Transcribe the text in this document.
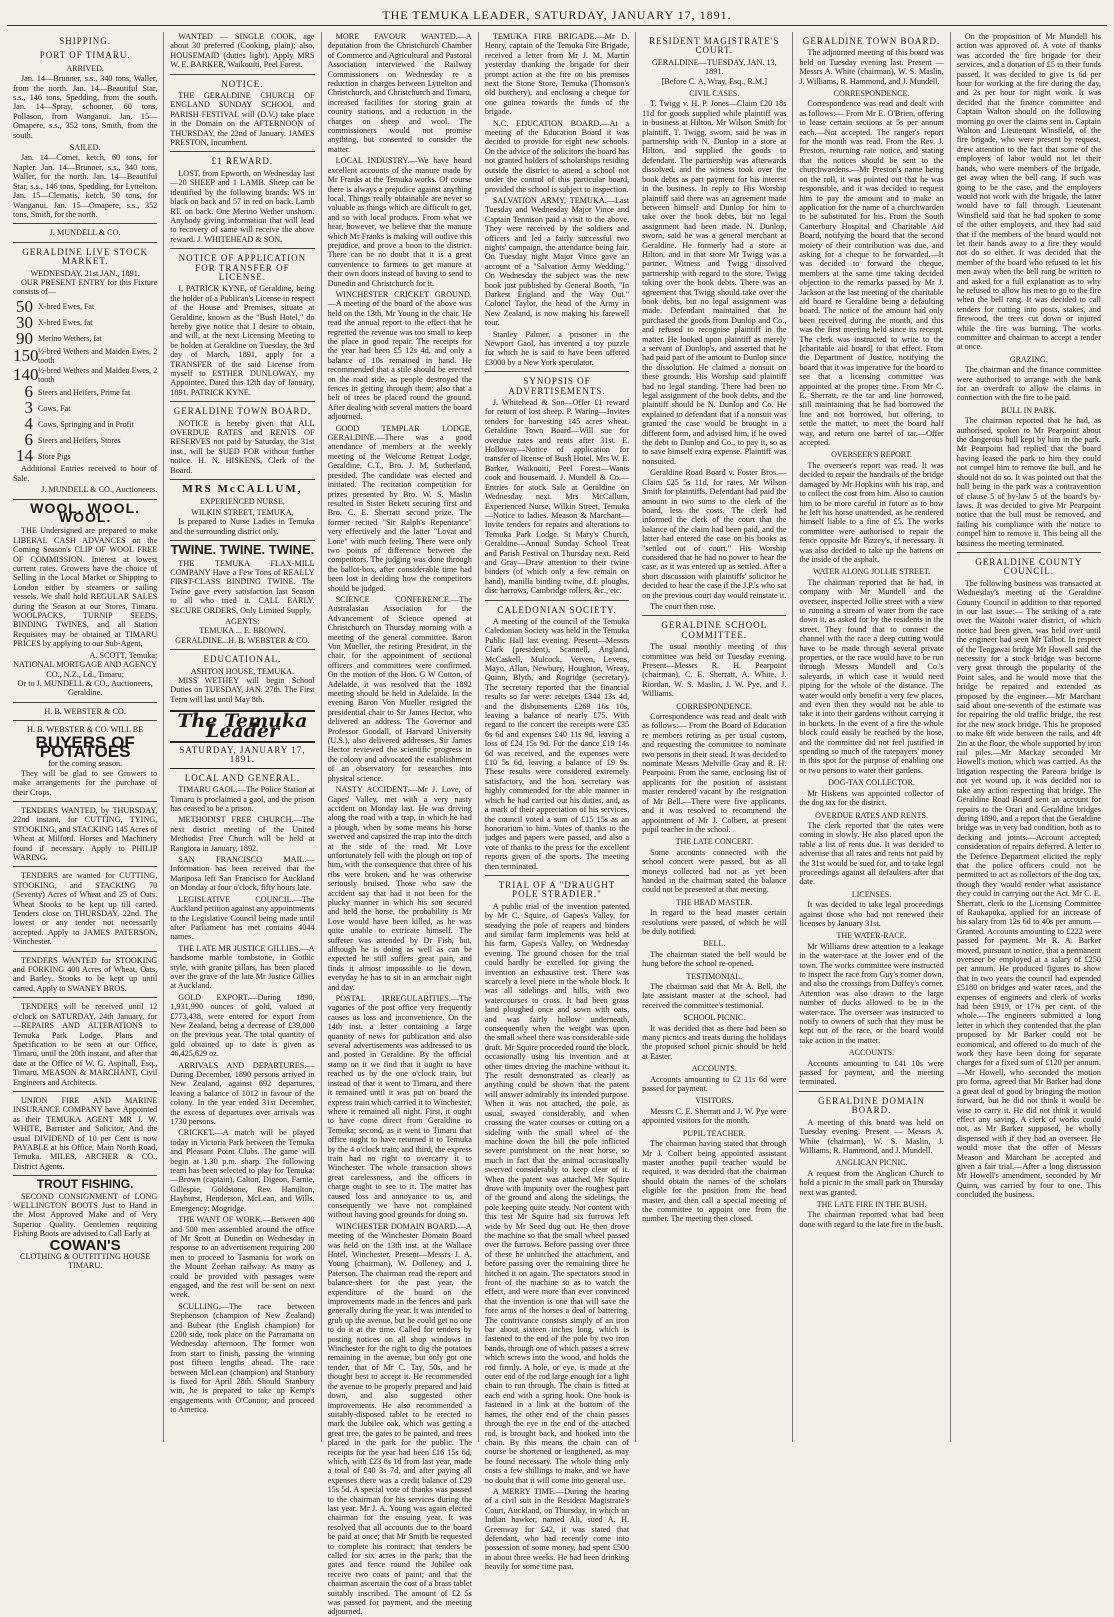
THE TEMUKA LEADER, SATURDAY, JANUARY 17, 1891.
SHIPPING.
PORT OF TIMARU.
ARRIVED.

Jan. 14—Brunner, s.s., 340 tons, Waller, from the north. Jan. 14—Beautiful Star, s.s., 146 tons, Spedding, from the south. Jan. 14—Spray, schooner, 60 tons, Pollason, from Wanganui. Jan. 15—Omapere, s.s., 352 tons, Smith, from the south.

SAILED.

Jan. 14—Comet, ketch, 60 tons, for Napier. Jan. 14—Brunner, s.s., 340 tons, Waller, for the north. Jan. 14—Beautiful Star, s.s., 146 tons, Spedding, for Lyttelton. Jan. 15—Clematis, ketch, 50 tons, for Wanganui. Jan. 15—Omapere, s.s., 352 tons, Smith, for the north.

J. MUNDELL & CO.
GERALDINE LIVE STOCK MARKET.
WEDNESDAY, 21st JAN., 1891.

OUR PRESENT ENTRY for this Fixture consists of—

50 X-bred Ewes, Fat
30 X-bred Ewes, fat
90 Merino Wethers, fat
150 ½-bred Wethers and Maiden Ewes, 2 tooth
140 ½-bred Wethers and Maiden Ewes, 2 tooth
6 Steers and Heifers, Prime fat
3 Cows, Fat
4 Cows, Springing and in Profit
6 Steers and Heifers, Stores
14 Store Pigs

Additional Entries received to hour of Sale.

J. MUNDELL & CO., Auctioneers.
WOOL. WOOL. WOOL.

THE Undersigned are prepared to make LIBERAL CASH ADVANCES on the Coming Season's CLIP OF WOOL FREE OF COMMISSION. Interest at lowest current rates. Growers have the choice of Selling in the Local Market or Shipping to London either by steamers or sailing vessels. We shall hold REGULAR SALES during the Season at our Stores, Timaru. WOOLPACKS, TURNIP SEEDS, BINDING TWINES, and all Station Requisites may be obtained at TIMARU PRICES by applying to our Sub-Agent,

A. SCOTT, Temuka;
NATIONAL MORTGAGE AND AGENCY CO., N.Z., Ld., Timaru;
Or to J. MUNDELL & CO., Auctioneers, Geraldine.
H. B. WEBSTER & CO.
H. B. WEBSTER & CO. WILL BE
BUYERS OF POTATOES
for the coming season.

They will be glad to see Growers to make arrangements for the purchase of their Crops.

TENDERS WANTED, by THURSDAY, 22nd instant, for CUTTING, TYING, STOOKING, and STACKING 145 Acres of Wheat at Milford. Horses and Machinery found if necessary. Apply to PHILIP WARING.

TENDERS are wanted for CUTTING, STOOKING, and STACKING 70 (Seventy) Acres of Wheat and 25 of Oats. Wheat Stooks to be kept up till carted. Tenders close on THURSDAY, 22nd. The lowest or any tender not necessarily accepted. Apply to JAMES PATERSON, Winchester.

TENDERS WANTED for STOOKING and FORKING 400 Acres of Wheat, Oats, and Barley. Stooks to be kept up until carted. Apply to SWANEY BROS.

TENDERS will be received until 12 o'clock on SATURDAY, 24th January, for—REPAIRS AND ALTERATIONS to Temuka Park Lodge. Plans and Specification to be seen at our Office, Timaru, until the 20th instant, and after that date at the Office of W. G. Aspinall, Esq., Timaru. MEASON & MARCHANT, Civil Engineers and Architects.

UNION FIRE AND MARINE INSURANCE COMPANY have Appointed as their TEMUKA AGENT MR J. W. WHITE, Barrister and Solicitor, And the usual DIVIDEND of 10 per Cent is now PAYABLE at his Office, Main North Road, Temuka. MILES, ARCHER & CO., District Agents.

TROUT FISHING.

SECOND CONSIGNMENT of LONG WELLINGTON BOOTS Just to Hand in the Most Approved Make and of Very Superior Quality. Gentlemen requiring Fishing Boots are advised to Call Early at

COWAN'S
CLOTHING & OUTFITTING HOUSE TIMARU.

WANTED — SINGLE COOK, age about 30 preferred (Cooking, plain); also, HOUSEMAID (duties light). Apply MRS W. E. BARKER, Waikouiti, Peel Forest.

NOTICE.

THE GERALDINE CHURCH OF ENGLAND SUNDAY SCHOOL and PARISH FESTIVAL will (D.V.) take place in the Domain on the AFTERNOON of THURSDAY, the 22nd of January. JAMES PRESTON, Incumbent.

£1 REWARD.

LOST, from Epworth, on Wednesday last—20 SHEEP and 1 LAMB. Sheep can be identified by the following brands: WS in black on back and 57 in red on back. Lamb RT. on back. One Merino Wether unshorn. Anybody giving information that will lead to recovery of same will receive the above reward. J. WHITEHEAD & SON.

NOTICE OF APPLICATION FOR TRANSFER OF LICENSE.

I, PATRICK KYNE, of Geraldine, being the holder of a Publican's License in respect of the House and Premises, situate at Geraldine, known as the "Bush Hotel," do hereby give notice that I desire to obtain, and will, at the next Licensing Meeting to be holden at Geraldine on Tuesday, the 3rd day of March, 1891, apply for a TRANSFER of the said License from myself to ESTHER DUNLOWAY, my Appointee. Dated this 12th day of January, 1891. PATRICK KYNE.

GERALDINE TOWN BOARD.

NOTICE is hereby given that ALL OVERDUE RATES and RENTS OF RESERVES not paid by Saturday, the 31st inst., will be SUED FOR without further notice. H. N. HISKENS, Clerk of the Board.

MRS McCALLUM,
EXPERIENCED NURSE,
WILKIN STREET, TEMUKA,

Is prepared to Nurse Ladies in Temuka and the surrounding district only.

TWINE. TWINE. TWINE.

THE TEMUKA FLAX-MILL COMPANY Have a Few Tons of REALLY FIRST-CLASS BINDING TWINE. The Twine gave every satisfaction last Season to all who tried it. CALL EARLY. SECURE ORDERS, Only Limited Supply.

AGENTS:
TEMUKA ... E. BROWN. GERALDINE...H. B. WEBSTER & CO.
EDUCATIONAL.
ASHTON HOUSE, TEMUKA.

MISS WETHEY will begin School Duties on TUESDAY, JAN. 27th. The First Term will last until May 8th.

The Temuka Leader
SATURDAY, JANUARY 17, 1891.
LOCAL AND GENERAL.

TIMARU GAOL.—The Police Station at Timaru is proclaimed a gaol, and the prison has ceased to be a prison.

METHODIST FREE CHURCH.—The next district meeting of the United Methodist Free Church will be held at Rangiora in January, 1892.

SAN FRANCISCO MAIL.—Information has been received that the Mariposa left San Francisco for Auckland on Monday at four o'clock, fifty hours late.

LEGISLATIVE COUNCIL.—The Auckland petition against any appointments to the Legislative Council being made until after Parliament has met contains 4044 names.

THE LATE MR JUSTICE GILLIES.—A handsome marble tombstone, in Gothic style, with granite pillars, has been placed over the grave of the late Mr Justice Gillies at Auckland.

GOLD EXPORT.—During 1890, 1,931,990 ounces of gold, valued at £773,438, were entered for export from New Zealand, being a decrease of £39,000 on the previous year. The total quantity of gold obtained up to date is given as 46,425,629 oz.

ARRIVALS AND DEPARTURES.—During December, 1890 persons arrived in New Zealand, against 692 departures, leaving a balance of 1012 in favour of the colony. In the year ended 31st December, the excess of departures over arrivals was 1730 persons.

CRICKET.—A match will be played today in Victoria Park between the Temuka and Pleasant Point Clubs. The game will begin at 1.30 p.m. sharp. The following team has been selected to play for Temuka:—Brown (captain), Calton, Digeon, Farnie, Gillespie, Goldstone, Rev. Hamilton, Hayhurst, Henderson, McLean, and Wills. Emergency: Mogridge.

THE WANT OF WORK.—Between 400 and 500 men assembled around the office of Mr Scott at Dunedin on Wednesday in response to an advertisement requiring 200 men to proceed to Tasmania for work on the Mount Zeehan railway. As many as could be provided with passages were engaged, and the rest will be sent on next week.

SCULLING.—The race between Stephenson (champion of New Zealand) and Bubear (the English champion) for £200 side, took place on the Parramatta on Wednesday afternoon. The former won from start to finish, passing the winning post fifteen lengths ahead. The race between McLean (champion) and Stanbury is fixed for April 28th. Should Stanbury win, he is prepared to take up Kemp's engagements with O'Connor, and proceed to America.

MORE FAVOUR WANTED.—A deputation from the Christchurch Chamber of Commerce and Agricultural and Pastoral Association interviewed the Railway Commissioners on Wednesday re a reduction in charges between Lyttelton and Christchurch, and Christchurch and Timaru, increased facilities for storing grain at country stations, and a reduction in the charges on sheep and wool. The commissioners would not promise anything, but consented to consider the matter.

LOCAL INDUSTRY.—We have heard excellent accounts of the manure made by Mr Franks at the Temuka works. Of course there is always a prejudice against anything local. Things really obtainable are never so valuable as things which are difficult to get, and so with local products. From what we hear, however, we believe that the manure which Mr Franks is making will outlive this prejudice, and prove a boon to the district. There can be no doubt that it is a great convenience to farmers to get manure at their own doors instead of having to send to Dunedin and Christchurch for it.

WINCHESTER CRICKET GROUND.—A meeting of the board of the above was held on the 13th, Mr Young in the chair. He read the annual report to the effect that he regretted the revenue was too small to keep the place in good repair. The receipts for the year had been £5 12s 4d, and only a balance of 10s remained in hand. He recommended that a stile should be erected on the road side, as people destroyed the fences in getting through them; also that a belt of trees be placed round the ground. After dealing with several matters the board adjourned.

GOOD TEMPLAR LODGE, GERALDINE.—There was a good attendance of members at the weekly meeting of the Welcome Retreat Lodge, Geraldine, C.T., Bro. J. M. Sutherland, presided. The candidate was elected and initiated. The recitation competition for prizes presented by Bro. W. S. Maslin resulted in Sister Bekett securing first and Bro. C. E. Sherratt second prize. The former recited "Sir Ralph's Repentance" very effectively and the latter "Lovat and Lone" with much feeling. There were only two points of difference between the competitors. The judging was done through the ballot-box, after considerable time had been lost in deciding how the competitors should be judged.

SCIENCE CONFERENCE.—The Australasian Association for the Advancement of Science opened at Christchurch on Thursday morning with a meeting of the general committee. Baron Von Mueller, the retiring President, in the chair, for the appointment of sectional officers and committees were confirmed. On the motion of the Hon. G W Cotton, of Adelaide, it was resolved that the 1892 meeting should be held in Adelaide. In the evening Baron Von Mueller resigned the presidential chair to Sir James Hector, who delivered an address. The Governor and Professor Goodall, of Harvard University (U.S.), also delivered addresses. Sir James Hector reviewed the scientific progress in the colony and advocated the establishment of an observatory for researches into physical science.

NASTY ACCIDENT.—Mr J. Love, of Gapes' Valley, met with a very nasty accident on Monday last. He was driving along the road with a trap, in which he had a plough, when by some means his horse swerved and capsized the trap into the ditch at the side of the road. Mr Love unfortunately fell with the plough on top of him, with the consequence that three of his ribs were broken, and he was otherwise seriously bruised. Those who saw the accident say that had it not been for the plucky manner in which his son secured and held the horse, the probability is Mr Love would have been killed, as he was quite unable to extricate himself. The sufferer was attended by Dr Fish, but, although he is doing as well as can be expected he still suffers great pain, and finds it almost impossible to lie down, everyday he has to sit in an armchair night and day.

POSTAL IRREGULARITIES.—The vagaries of the post office very frequently causes us loss and inconvenience. On the 14th inst. a letter containing a large quantity of news for publication and also several advertisements was addressed to us and posted in Geraldine. By the official stamp on it we find that it ought to have reached us by the one o'clock train, but instead of that it went to Timaru, and there it remained until it was put on board the express train which carried it to Winchester, where it remained all night. First, it ought to have come direct from Geraldine to Temuka; second, as it went to Timaru that office ought to have returned it to Temuka by the 4 o'clock train; and third, the express train had no right to overcarry it to Winchester. The whole transaction shows great carelessness, and the officers in charge ought to see to it. The matter has caused loss and annoyance to us, and consequently we have not complained without having good grounds for doing so.

WINCHESTER DOMAIN BOARD.—A meeting of the Winchester Domain Board was held on the 13th inst. at the Wallace Hotel, Winchester. Present—Messrs J. A. Young (chairman), W. Dolleney, and J. Paterson. The chairman read the report and balance-sheet for the past year, the expenditure of the board on the improvements made in the fences and park generally during the year. It was intended to grub up the avenue, but he could get no one to do it at the time. Called for tenders by posting notices on all shop windows in Winchester for the right to dig the potatoes remaining in the avenue, but only got one tender, that of Mr C. Tay, 50s, and he thought best to accept it. He recommended the avenue to be properly prepared and laid down, and also suggested other improvements. He also recommended a suitably-disposed tablet to be erected to mark the Jubilee oak, which was getting a great tree, the gates to be painted, and trees placed in the park for the public. The receipts for the year had been £16 15s 6d, which, with £23 8s 1d from last year, made a total of £40 3s 7d, and after paying all expenses there was a credit balance of £29 15s 5d. A special vote of thanks was passed to the chairman for his services during the last year. Mr J. A. Young was again elected chairman for the ensuing year. It was resolved that all accounts due to the board be paid at once; that Mr Smith be requested to complete his contract; that tenders be called for six acres in the park; that the gates and fence round the Jubilee oak receive two coats of paint; and that the chairman ascertain the cost of a brass tablet suitably inscribed. The amount of £2 5s was passed for payment, and the meeting adjourned.

TEMUKA FIRE BRIGADE.—Mr D. Henry, captain of the Temuka Fire Brigade, received a letter from Mr J. M. Martin yesterday thanking the brigade for their prompt action at the fire on his premises next the Stone Store, Temuka (Thomson's old butchery), and enclosing a cheque for one guinea towards the funds of the brigade.

N.C. EDUCATION BOARD.—At a meeting of the Education Board it was decided to provide for eight new schools. On the advice of the solicitors the board has not granted holders of scholarships residing outside the district to attend a school not under the control of this particular board, provided the school is subject to inspection.

SALVATION ARMY, TEMUKA.—Last Tuesday and Wednesday Major Vince and Captain Tennison paid a visit to the above. They were received by the soldiers and officers and led a fairly successful two nights' campaign, the attendance being fair. On Tuesday night Major Vince gave an account of a "Salvation Army Wedding." On Wednesday the subject was the new book just published by General Booth, "In Darkest England and the Way Out." Colonel Taylor, the head of the Army in New Zealand, is now making his farewell tour.

Stanley Palmer, a prisoner in the Newport Gaol, has invented a toy puzzle for which he is said to have been offered £3000 by a New York speculator.

SYNOPSIS OF ADVERTISEMENTS.

J. Whitehead & Son—Offer £1 reward for return of lost sheep. P. Waring—Invites tenders for harvesting 145 acres wheat. Geraldine Town Board—Will sue for overdue rates and rents after 31st. E. Holloway—Notice of application for transfer of license of Bush Hotel. Mrs W. E. Barker, Waikouiti, Peel Forest—Wants cook and housemaid. J. Mundell & Co.—Entries for stock Sale at Geraldine on Wednesday next. Mrs McCallum, Experienced Nurse, Wilkin Street, Temuka—Notice to ladies. Meason & Marchant—Invite tenders for repairs and alterations to Temuka Park Lodge. St Mary's Church, Geraldine—Annual Sunday School Treat and Parish Festival on Thursday next. Reid and Gray—Draw attention to their twine binders (of which only a few remain on hand), manilla binding twine, d.f. ploughs, disc harrows, Cambridge rollers, &c., etc.

CALEDONIAN SOCIETY.

A meeting of the council of the Temuka Caledonian Society was held in the Temuka Public Hall last evening. Present—Messrs Clark (president), Scannell, Angland, McCaskell, Mulcock, Veiven, Levens, Mayo, Allan, Newbury, Houghton, Wreay, Quinn, Blyth, and Rogridge (secretary). The secretary reported that the financial results so far were: receipts £344 13s 4d, and the disbursements £269 16s 10s, leaving a balance of nearly £75. With regard to the concert the receipts were £35 6s 6d and expenses £40 11s 9d, leaving a loss of £24 15s 9d. For the dance £19 14s 6d was received, and the expenses were £10 5s 6d, leaving a balance of £9 9s. These results were considered extremely satisfactory, and the hon. secretary was highly commended for the able manner in which he had carried out his duties, and, as a mark of their appreciation of his services, the council voted a sum of £15 15s as an honorarium to him. Votes of thanks to the judges and papers were passed, and also a vote of thanks to the press for the excellent reports given of the sports. The meeting then terminated.

TRIAL OF A "DRAUGHT POLE STRADIER."

A public trial of the invention patented by Mr C. Squire, of Gapes's Valley, for steadying the pole of reapers and binders and similar farm implements was held at his farm, Gapes's Valley, on Wednesday evening. The ground chosen for the trial could hardly be excelled for giving the invention an exhaustive test. There was scarcely a level piece in the whole block. It was all sidelings and hills, with two watercourses to cross. It had been grass land ploughed once and sown with oats, and was fairly hollow underneath, consequently when the weight was upon the small wheel there was considerable side draft. Mr Squire proceeded round the block, occasionally using his invention and at other times driving the machine without it. The result demonstrated as clearly as anything could be shown that the patent will answer admirably its intended purpose. When it was not attached, the pole, as usual, swayed considerably, and when crossing the water courses or cutting on a sideling with the small wheel of the machine down the hill the pole inflicted severe punishment on the near horse, so much in fact that the animal occasionally swerved considerably to keep clear of it. When the patent was attached Mr Squire drove with impunity over the roughest part of the ground and along the sidelings, the pole keeping quite steady. Not content with this test Mr Squire had six furrows left wide by Mr Seed dug out. He then drove the machine so that the small wheel passed over the furrows. Before passing over three of these he unhitched the attachment, and before passing over the remaining three he hitched it on again. The spectators stood in front of the machine so as to watch the effect, and were more than ever convinced that the invention is one that will save the fore arms of the horses a deal of battering. The contrivance consists simply of an iron bar about sixteen inches long, which is fastened to the end of the pole by two iron bands, through one of which passes a screw which screws into the wood, and holds the rod firmly. A hole, or eye, is made at the outer end of the rod large enough for a light chain to run through. The chain is fitted at each end with a spring hook. One hook is fastened in a link at the bottom of the hames, the other end of the chain passes through the eye in the end of the attached rod, is brought back, and hooked into the chain. By this means the chain can of course be shortened or lengthened, as may be found necessary. The whole thing only costs a few shillings to make, and we have no doubt that it will come into general use.

A MERRY TIME.—During the hearing of a civil suit in the Resident Magistrate's Court, Auckland, on Thursday, in which an Indian hawker, named Ali, sued A. H. Greenway for £42, it was stated that defendant, who had recently come into possession of some money, had spent £500 in about three weeks. He had been drinking heavily for some time past,

RESIDENT MAGISTRATE'S COURT.
GERALDINE—TUESDAY, JAN. 13, 1891.
[Before C. A. Wray, Esq., R.M.]
CIVIL CASES.

T. Twigg v. H. P. Jones—Claim £20 18s 11d for goods supplied while plaintiff was in business at Hilton. Mr Wilson Smith for plaintiff. T. Twigg, sworn, said he was in partnership with N. Dunlop in a store at Hilton, and supplied the goods to defendant. The partnership was afterwards dissolved, and the witness took over the book debts as part payment for his interest in the business. In reply to His Worship plaintiff said there was an agreement made between himself and Dunlop for him to take over the book debts, but no legal assignment had been made. N. Dunlop, sworn, said he was a general merchant at Geraldine. He formerly had a store at Hilton, and in that store Mr Twigg was a partner. Witness and Twigg dissolved partnership with regard to the store, Twigg taking over the book debts. There was an agreement that Twigg should take over the book debts, but no legal assignment was made. Defendant maintained that he purchased the goods from Dunlop and Co., and refused to recognise plaintiff in the matter. He looked upon plaintiff as merely a servant of Dunlop's, and asserted that he had paid part of the amount to Dunlop since the dissolution. He claimed a nonsuit on these grounds. His Worship said plaintiff had no legal standing. There had been no legal assignment of the book debts, and the plaintiff should be N. Dunlop and Co. He explained to defendant that if a nonsuit was granted the case would be brought in a different form, and advised him, if he owed the debt to Dunlop and Co., to pay it, so as to save himself extra expense. Plaintiff was nonsuited.

Geraldine Road Board v. Foster Bros.—Claim £25 5s 11d, for rates. Mr Wilson Smith for plaintiffs. Defendant had paid the amount in two sums to the clerk of the board, less the costs. The clerk had informed the clerk of the court that the balance of the claim had been paid, and the latter had entered the case on his books as "settled out of court." His Worship considered that he had no power to hear the case, as it was entered up as settled. After a short discussion with plaintiffs' solicitor he decided to hear the case if the J.P.'s who sat on the previous court day would reinstate it.

The court then rose.

GERALDINE SCHOOL COMMITTEE.

The usual monthly meeting of this committee was held on Tuesday evening. Present—Messrs R. H. Pearpoint (chairman), C. E. Sherratt, A. White, J. Riordan, W. S. Maslin, J. W. Pye, and J. Williams.

CORRESPONDENCE.

Correspondence was read and dealt with as follows:— From the Board of Education re members retiring as per usual custom, and requesting the committee to nominate two persons in their stead. It was decided to nominate Messrs Melville Gray and R. H. Pearpoint. From the same, enclosing list of applicants for the position of assistant master rendered vacant by the resignation of Mr Bell.—There were five applicants, and it was resolved to recommend the appointment of Mr J. Colbert, at present pupil teacher in the school.

THE LATE CONCERT.

Some accounts connected with the school concert were passed, but as all moneys collected had not as yet been handed in the chairman stated the balance could not be presented at that meeting.

THE HEAD MASTER.

In regard to the head master certain resolutions were passed, of which he will be duly notified.

BELL.

The chairman stated the bell would be hung before the school re-opened.

TESTIMONIAL.

The chairman said that Mr A. Bell, the late assistant master at the school, had received the committee's testimonial.

SCHOOL PICNIC.

It was decided that as there had been so many picnics and treats during the holidays the proposed school picnic should be held at Easter.

ACCOUNTS.

Accounts amounting to £2 11s 6d were passed for payment.

VISITORS.

Messrs C. E. Sherratt and J. W. Pye were appointed visitors for the month.

PUPIL TEACHER.

The chairman having stated that through Mr J. Colbert being appointed assistant master another pupil teacher would be required, it was decided that the chairman should obtain the names of the scholars eligible for the position from the head master, and then call a special meeting of the committee to appoint one from the number. The meeting then closed.

GERALDINE TOWN BOARD.

The adjourned meeting of this board was held on Tuesday evening last. Present — Messrs A. White (chairman), W. S. Maslin, J. Williams, R. Hammond, and J. Mundell.

CORRESPONDENCE.

Correspondence was read and dealt with as follows:— From Mr E. O'Brien, offering to lease certain sections at 5s per annum each.—Not accepted. The ranger's report for the month was read. From the Rev. J. Preston, returning rate notice, and stating that the notices should be sent to the churchwardens.—Mr Preston's name being on the roll, it was pointed out that he was responsible, and it was decided to request him to pay the amount and to make an application for the name of a churchwarden to be substituted for his. From the South Canterbury Hospital and Charitable Aid Board, notifying the board that the second moiety of their contribution was due, and asking for a cheque to be forwarded.—It was decided to forward the cheque, members at the same time taking decided objection to the remarks passed by Mr J. Jackson at the last meeting of the charitable aid board re Geraldine being a defaulting board. The notice of the amount had only been received during the month, and this was the first meeting held since its receipt. The clerk was instructed to write to the [charitable aid board] to that effect. From the Department of Justice, notifying the board that it was imperative for the board to see that a licensing committee was appointed at the proper time. From Mr C. E. Sherratt, re the tar and line borrowed, still maintaining that he had borrowed the line and not borrowed, but offering, to settle the matter, to meet the board half way, and return one barrel of tar.—Offer accepted.

OVERSEER'S REPORT.

The overseer's report was read. It was decided to repair the handrails of the bridge damaged by Mr Hopkins with his trap, and to collect the cost from him. Also to caution him to be more careful in future as to how he left his horse unattended, as he rendered himself liable to a fine of £5. The works committee were authorised to repair the fence opposite Mr Pizzey's, if necessary. It was also decided to take up the battens on the inside of the asphalt.

WATER ALONG JOLLIE STREET.

The chairman reported that he had, in company with Mr Mundell and the overseer, inspected Jollie street with a view to running a stream of water from the race down it, as asked for by the residents in the street. They found that to connect the channel with the race a deep cutting would have to be made through several private properties, or the race would have to be run through Messrs Mundell and Co.'s saleyards, in which case it would need piping for the whole of the distance. The water would only benefit a very few places, and even then they would not be able to take it into their gardens without carrying it in buckets. In the event of a fire the whole block could easily be reached by the hose, and the committee did not feel justified in spending so much of the ratepayers' money in this spot for the purpose of enabling one or two persons to water their gardens.

DOG-TAX COLLECTOR.

Mr Hiskens was appointed collector of the dog tax for the district.

OVERDUE RATES AND RENTS.

The clerk reported that the rates were coming in slowly. He also placed upon the table a list of rents due. It was decided to advertise that all rates and rents not paid by the 31st would be sued for, and to take legal proceedings against all defaulters after that date.

LICENSES.

It was decided to take legal proceedings against those who had not renewed their licenses by January 31st.

THE WATER-RACE.

Mr Williams drew attention to a leakage in the water-race at the lower end of the town. The works committee were instructed to inspect the race from Guy's corner down, and also the crossings from Duffey's corner. Attention was also drawn to the large number of ducks allowed to be in the water-race. The overseer was instructed to notify to owners of such that they must be kept out of the race, or the board would take action in the matter.

ACCOUNTS.

Accounts amounting to £41 10s were passed for payment, and the meeting terminated.

GERALDINE DOMAIN BOARD.

A meeting of this board was held on Tuesday evening. Present — Messrs A. White (chairman), W. S. Maslin, J. Williams, R. Hammond, and J. Mundell.

ANGLICAN PICNIC.

A request from the Anglican Church to hold a picnic in the small park on Thursday next was granted.

THE LATE FIRE IN THE BUSH.

The chairman reported what had been done with regard to the late fire in the bush.

On the proposition of Mr Mundell his action was approved of. A vote of thanks was accorded the fire brigade for their services, and a donation of £5 to their funds passed. It was decided to give 1s 6d per hour for working at the fire during the day, and 2s per hour for night work. It was decided that the finance committee and Captain Walton should on the following morning go over the claims sent in. Captain Walton and Lieutenant Winsfield, of the fire brigade, who were present by request, drew attention to the fact that some of the employers of labor would not let their hands, who were members of the brigade, get away when the bell rang. If such was going to be the case, and the employers would not work with the brigade, the latter would have to fall through. Lieutenant Winsfield said that he had spoken to some of the other employers, and they had said that if the members of the board would not let their hands away to a fire they would not do so either. It was decided that the member of the board who refused to let his men away when the bell rang be written to and asked for a full explanation as to why he refused to allow his men to go to the fire when the bell rang. It was decided to call tenders for cutting into posts, stakes, and firewood, the trees cut down or injured while the fire was burning. The works committee and chairman to accept a tender at once.

GRAZING.

The chairman and the finance committee were authorised to arrange with the bank for an overdraft to allow the claims in connection with the fire to be paid.

BULL IN PARK.

The chairman reported that he had, as authorised, spoken to Mr Pearpoint about the dangerous bull kept by him in the park. Mr Pearpoint had replied that the board having leased the park to him they could not compel him to remove the bull, and he should not do so. It was pointed out that the bull being in the park was a contravention of clause 5 of by-law 5 of the board's by-laws. It was decided to give Mr Pearpoint notice that the bull must be removed, and failing his compliance with the notice to compel him to remove it. This being all the business the meeting terminated.

GERALDINE COUNTY COUNCIL.

The following business was transacted at Wednesday's meeting of the Geraldine County Council in addition to that reported in our last issue:— The striking of a rate over the Waitohi water district, of which notice had been given, was held over until the engineer had seen Mr Talbot. In respect of the Tengawai bridge Mr Howell said the necessity for a stock bridge was become very great through the popularity of the Point sales, and he would move that the bridge be repaired and extended as proposed by the engineer.—Mr Marchant said about one-seventh of the estimate was for repairing the old traffic bridge, the rest for the new stock bridge. This he proposed to make 6ft wide between the rails, and 4ft 2in at the floor, the whole supported by iron rail piles.—Mr Mackay seconded Mr Howell's motion, which was carried. As the litigation respecting the Pareora bridge is not yet wound up, it was decided not to take any action respecting that bridge. The Geraldine Road Board sent an account for repairs to the Orari and Geraldine bridges during 1890, and a report that the Geraldine bridge was in very bad condition, both as to decking and joints.—Account accepted; consideration of repairs deferred. A letter to the Defence Department elicited the reply that the police officers could not be permitted to act as collectors of the dog tax, though they would render what assistance they could in carrying out the Act. Mr C. E. Sherratt, clerk to the Licensing Committee of Raukapuka, applied for an increase of his salary from 12s 6d to 40s per annum.—Granted. Accounts amounting to £222 were passed for payment. Mr R. A. Barker moved, pursuant to notice, that a permanent overseer be employed at a salary of £250 per annum. He produced figures to show that in two years the council had expended £5180 on bridges and water races, and the expenses of engineers and clerk of works had been £919, or 17¾ per cent. of the whole.—The engineers submitted a long letter in which they contended that the plan proposed by Mr Barker could not be economical, and offered to do much of the work they have been doing for separate charges for a fixed sum of £120 per annum.—Mr Howell, who seconded the motion pro forma, agreed that Mr Barker had done a great deal of good by bringing the motion forward, but he did not think it would be wise to carry it. He did not think it would effect any saving. A clerk of works could not, as Mr Barker supposed, be wholly dispensed with if they had an overseer. He would move that the offer of Messrs Meason and Marchant be accepted and given a fair trial.—After a long discussion Mr Howell's amendment, seconded by Mr Quinn, was carried by four to one. This concluded the business.
